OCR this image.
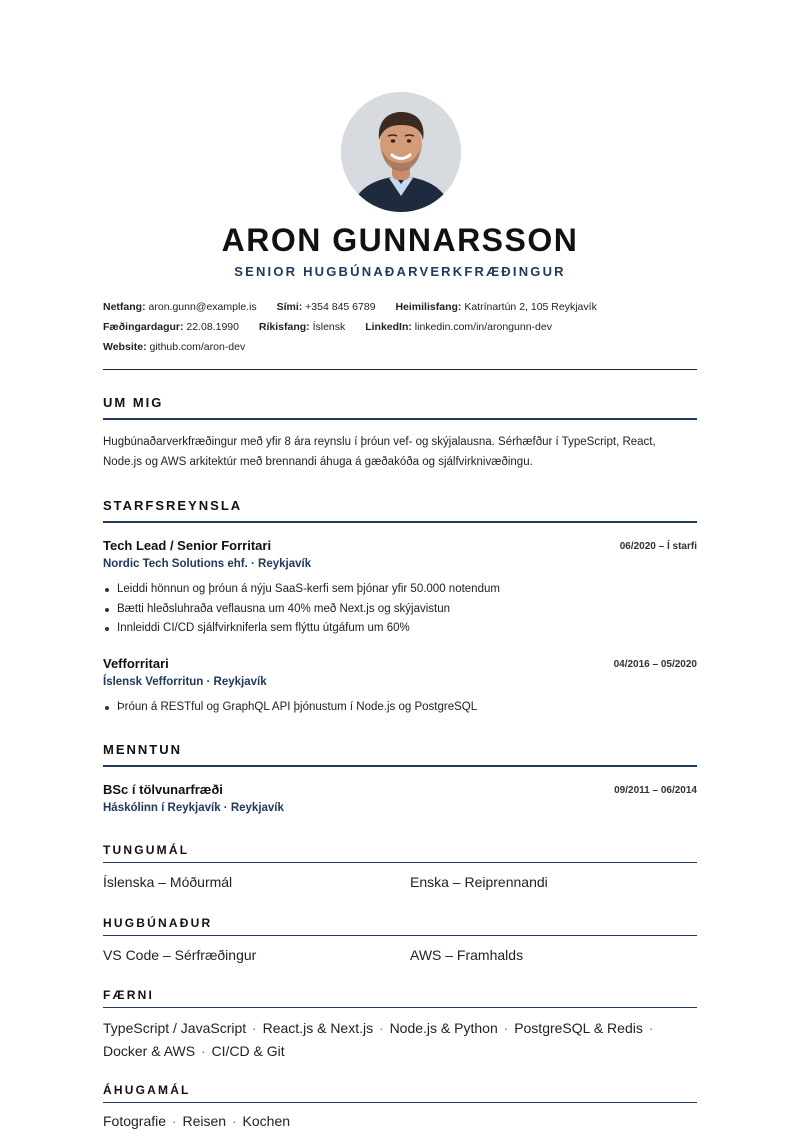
ARON GUNNARSSON
SENIOR HUGBÚNAÐARVERKFRÆÐINGUR
Netfang: aron.gunn@example.is Sími: +354 845 6789 Heimilisfang: Katrínartún 2, 105 Reykjavík
Fæðingardagur: 22.08.1990 Ríkisfang: Íslensk LinkedIn: linkedin.com/in/arongunn-dev
Website: github.com/aron-dev
UM MIG
Hugbúnaðarverkfræðingur með yfir 8 ára reynslu í þróun vef- og skýjalausna. Sérhæfður í TypeScript, React, Node.js og AWS arkitektúr með brennandi áhuga á gæðakóða og sjálfvirknivæðingu.
STARFSREYNSLA
Tech Lead / Senior Forritari	06/2020 – Í starfi
Nordic Tech Solutions ehf. · Reykjavík
Leiddi hönnun og þróun á nýju SaaS-kerfi sem þjónar yfir 50.000 notendum
Bætti hleðsluhraða veflausna um 40% með Next.js og skýjavistun
Innleiddi CI/CD sjálfvirkniferla sem flýttu útgáfum um 60%
Vefforritari	04/2016 – 05/2020
Íslensk Vefforritun · Reykjavík
Þróun á RESTful og GraphQL API þjónustum í Node.js og PostgreSQL
MENNTUN
BSc í tölvunarfræði	09/2011 – 06/2014
Háskólinn í Reykjavík · Reykjavík
TUNGUMÁL
Íslenska – Móðurmál	Enska – Reiprennandi
HUGBÚNAÐUR
VS Code – Sérfræðingur	AWS – Framhalds
FÆRNI
TypeScript / JavaScript · React.js & Next.js · Node.js & Python · PostgreSQL & Redis · Docker & AWS · CI/CD & Git
ÁHUGAMÁL
Fotografie · Reisen · Kochen
